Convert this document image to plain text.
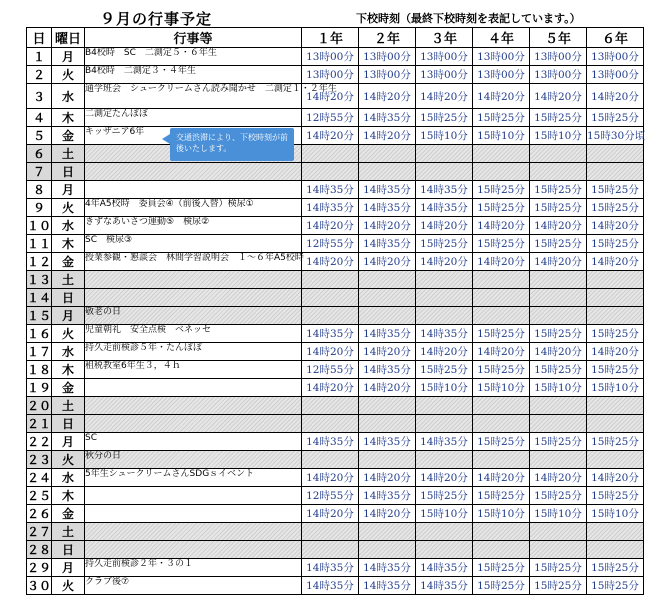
９月の行事予定	下校時刻（最終下校時刻を表記しています。）
日	曜日	行事等	１年	２年	３年	４年	５年	６年
１	月	B4校時　SC　二測定５・６年生	13時00分	13時00分	13時00分	13時00分	13時00分	13時00分
２	火	B4校時　二測定３・４年生	13時00分	13時00分	13時00分	13時00分	13時00分	13時00分
３	水	通学班会　シュークリームさん読み聞かせ　二測定１・２年生	14時20分	14時20分	14時20分	14時20分	14時20分	14時20分
４	木	二測定たんぽぽ	12時55分	14時35分	15時25分	15時25分	15時25分	15時25分
５	金	キッザニア6年	14時20分	14時20分	15時10分	15時10分	15時10分	15時30分頃
６	土							
７	日							
８	月		14時35分	14時35分	14時35分	15時25分	15時25分	15時25分
９	火	4年A5校時　委員会④（前後入替）検尿①	14時35分	14時35分	14時35分	15時25分	15時25分	15時25分
１０	水	きずなあいさつ運動⑤　検尿②	14時20分	14時20分	14時20分	14時20分	14時20分	14時20分
１１	木	SC　検尿③	12時55分	14時35分	15時25分	15時25分	15時25分	15時25分
１２	金	授業参観・懇談会　林間学習説明会　１～６年A5校時	14時20分	14時20分	14時20分	14時20分	14時20分	14時20分
１３	土							
１４	日							
１５	月	敬老の日						
１６	火	児童朝礼　安全点検　ベネッセ	14時35分	14時35分	14時35分	15時25分	15時25分	15時25分
１７	水	持久走前検診５年・たんぽぽ	14時20分	14時20分	14時20分	14時20分	14時20分	14時20分
１８	木	租税教室6年生３，４ｈ	12時55分	14時35分	15時25分	15時25分	15時25分	15時25分
１９	金		14時20分	14時20分	15時10分	15時10分	15時10分	15時10分
２０	土							
２１	日							
２２	月	SC	14時35分	14時35分	14時35分	15時25分	15時25分	15時25分
２３	火	秋分の日						
２４	水	5年生シュークリームさんSDGｓイベント	14時20分	14時20分	14時20分	14時20分	14時20分	14時20分
２５	木		12時55分	14時35分	15時25分	15時25分	15時25分	15時25分
２６	金		14時20分	14時20分	15時10分	15時10分	15時10分	15時10分
２７	土							
２８	日							
２９	月	持久走前検診２年・３の１	14時35分	14時35分	14時35分	15時25分	15時25分	15時25分
３０	火	クラブ後⑦	14時35分	14時35分	14時35分	15時25分	15時25分	15時25分
交通渋滞により、下校時刻が前後いたします。
